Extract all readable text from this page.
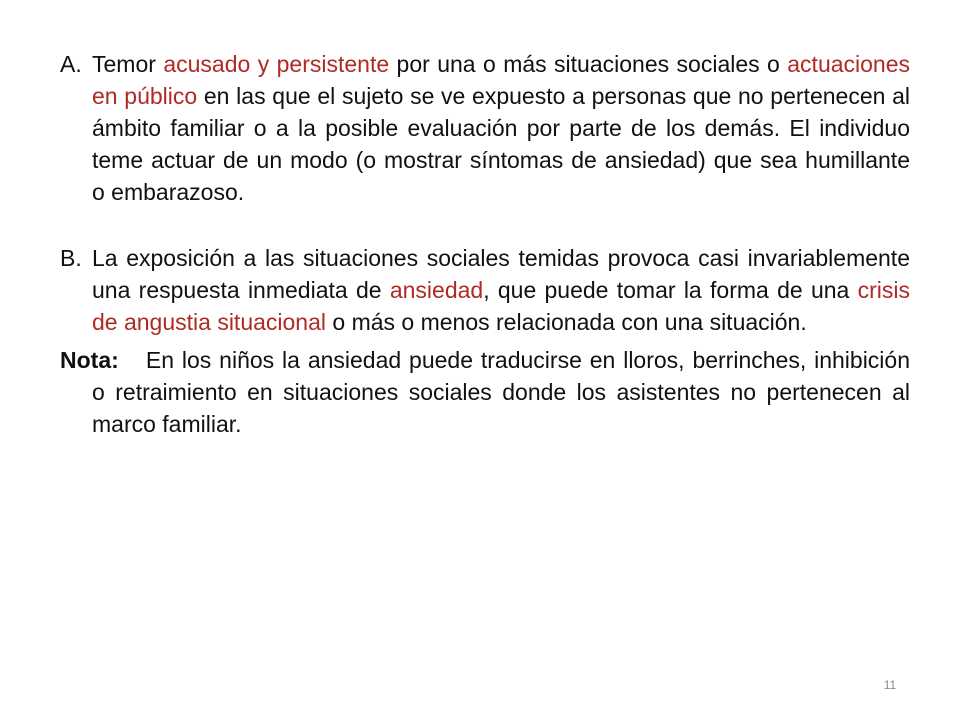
A. Temor acusado y persistente por una o más situaciones sociales o actuaciones en público en las que el sujeto se ve expuesto a personas que no pertenecen al ámbito familiar o a la posible evaluación por parte de los demás. El individuo teme actuar de un modo (o mostrar síntomas de ansiedad) que sea humillante o embarazoso.

B. La exposición a las situaciones sociales temidas provoca casi invariablemente una respuesta inmediata de ansiedad, que puede tomar la forma de una crisis de angustia situacional o más o menos relacionada con una situación.

Nota: En los niños la ansiedad puede traducirse en lloros, berrinches, inhibición o retraimiento en situaciones sociales donde los asistentes no pertenecen al marco familiar.

11
